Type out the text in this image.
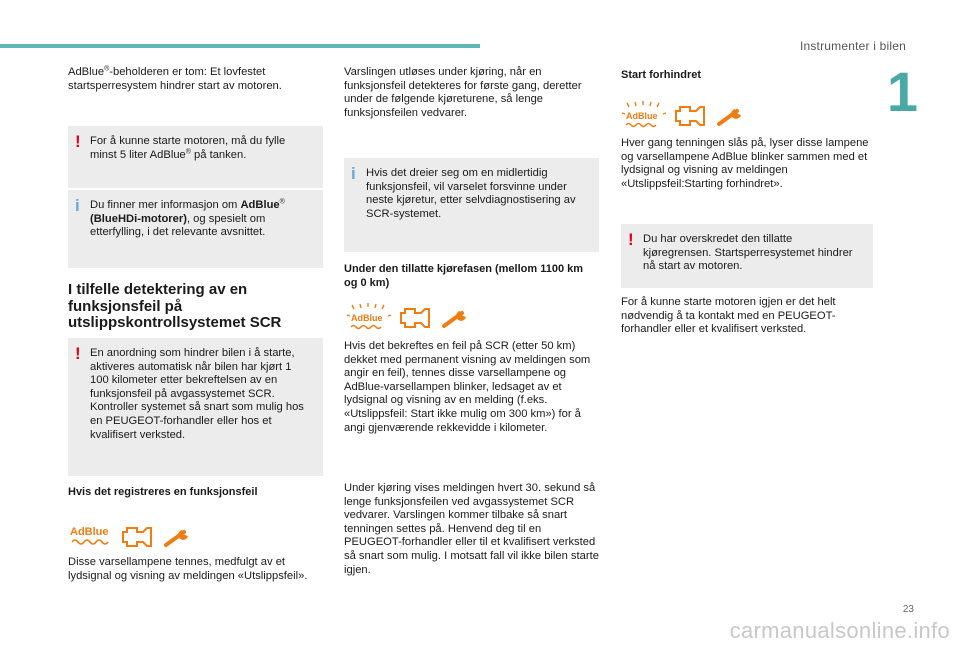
Instrumenter i bilen
1
23
carmanualsonline.info

AdBlue®-beholderen er tom: Et lovfestet startsperresystem hindrer start av motoren.

! For å kunne starte motoren, må du fylle minst 5 liter AdBlue® på tanken.
i Du finner mer informasjon om AdBlue® (BlueHDi-motorer), og spesielt om etterfylling, i det relevante avsnittet.

I tilfelle detektering av en funksjonsfeil på utslippskontrollsystemet SCR

! En anordning som hindrer bilen i å starte, aktiveres automatisk når bilen har kjørt 1 100 kilometer etter bekreftelsen av en funksjonsfeil på avgassystemet SCR. Kontroller systemet så snart som mulig hos en PEUGEOT-forhandler eller hos et kvalifisert verksted.

Hvis det registreres en funksjonsfeil

AdBlue

Disse varsellampene tennes, medfulgt av et lydsignal og visning av meldingen «Utslippsfeil».

Varslingen utløses under kjøring, når en funksjonsfeil detekteres for første gang, deretter under de følgende kjøreturene, så lenge funksjonsfeilen vedvarer.

i Hvis det dreier seg om en midlertidig funksjonsfeil, vil varselet forsvinne under neste kjøretur, etter selvdiagnostisering av SCR-systemet.

Under den tillatte kjørefasen (mellom 1100 km og 0 km)

AdBlue

Hvis det bekreftes en feil på SCR (etter 50 km) dekket med permanent visning av meldingen som angir en feil), tennes disse varsellampene og AdBlue-varsellampen blinker, ledsaget av et lydsignal og visning av en melding (f.eks. «Utslippsfeil: Start ikke mulig om 300 km») for å angi gjenværende rekkevidde i kilometer.

Under kjøring vises meldingen hvert 30. sekund så lenge funksjonsfeilen ved avgassystemet SCR vedvarer. Varslingen kommer tilbake så snart tenningen settes på. Henvend deg til en PEUGEOT-forhandler eller til et kvalifisert verksted så snart som mulig. I motsatt fall vil ikke bilen starte igjen.

Start forhindret

AdBlue

Hver gang tenningen slås på, lyser disse lampene og varsellampene AdBlue blinker sammen med et lydsignal og visning av meldingen «Utslippsfeil:Starting forhindret».

! Du har overskredet den tillatte kjøregrensen. Startsperresystemet hindrer nå start av motoren.

For å kunne starte motoren igjen er det helt nødvendig å ta kontakt med en PEUGEOT-forhandler eller et kvalifisert verksted.
